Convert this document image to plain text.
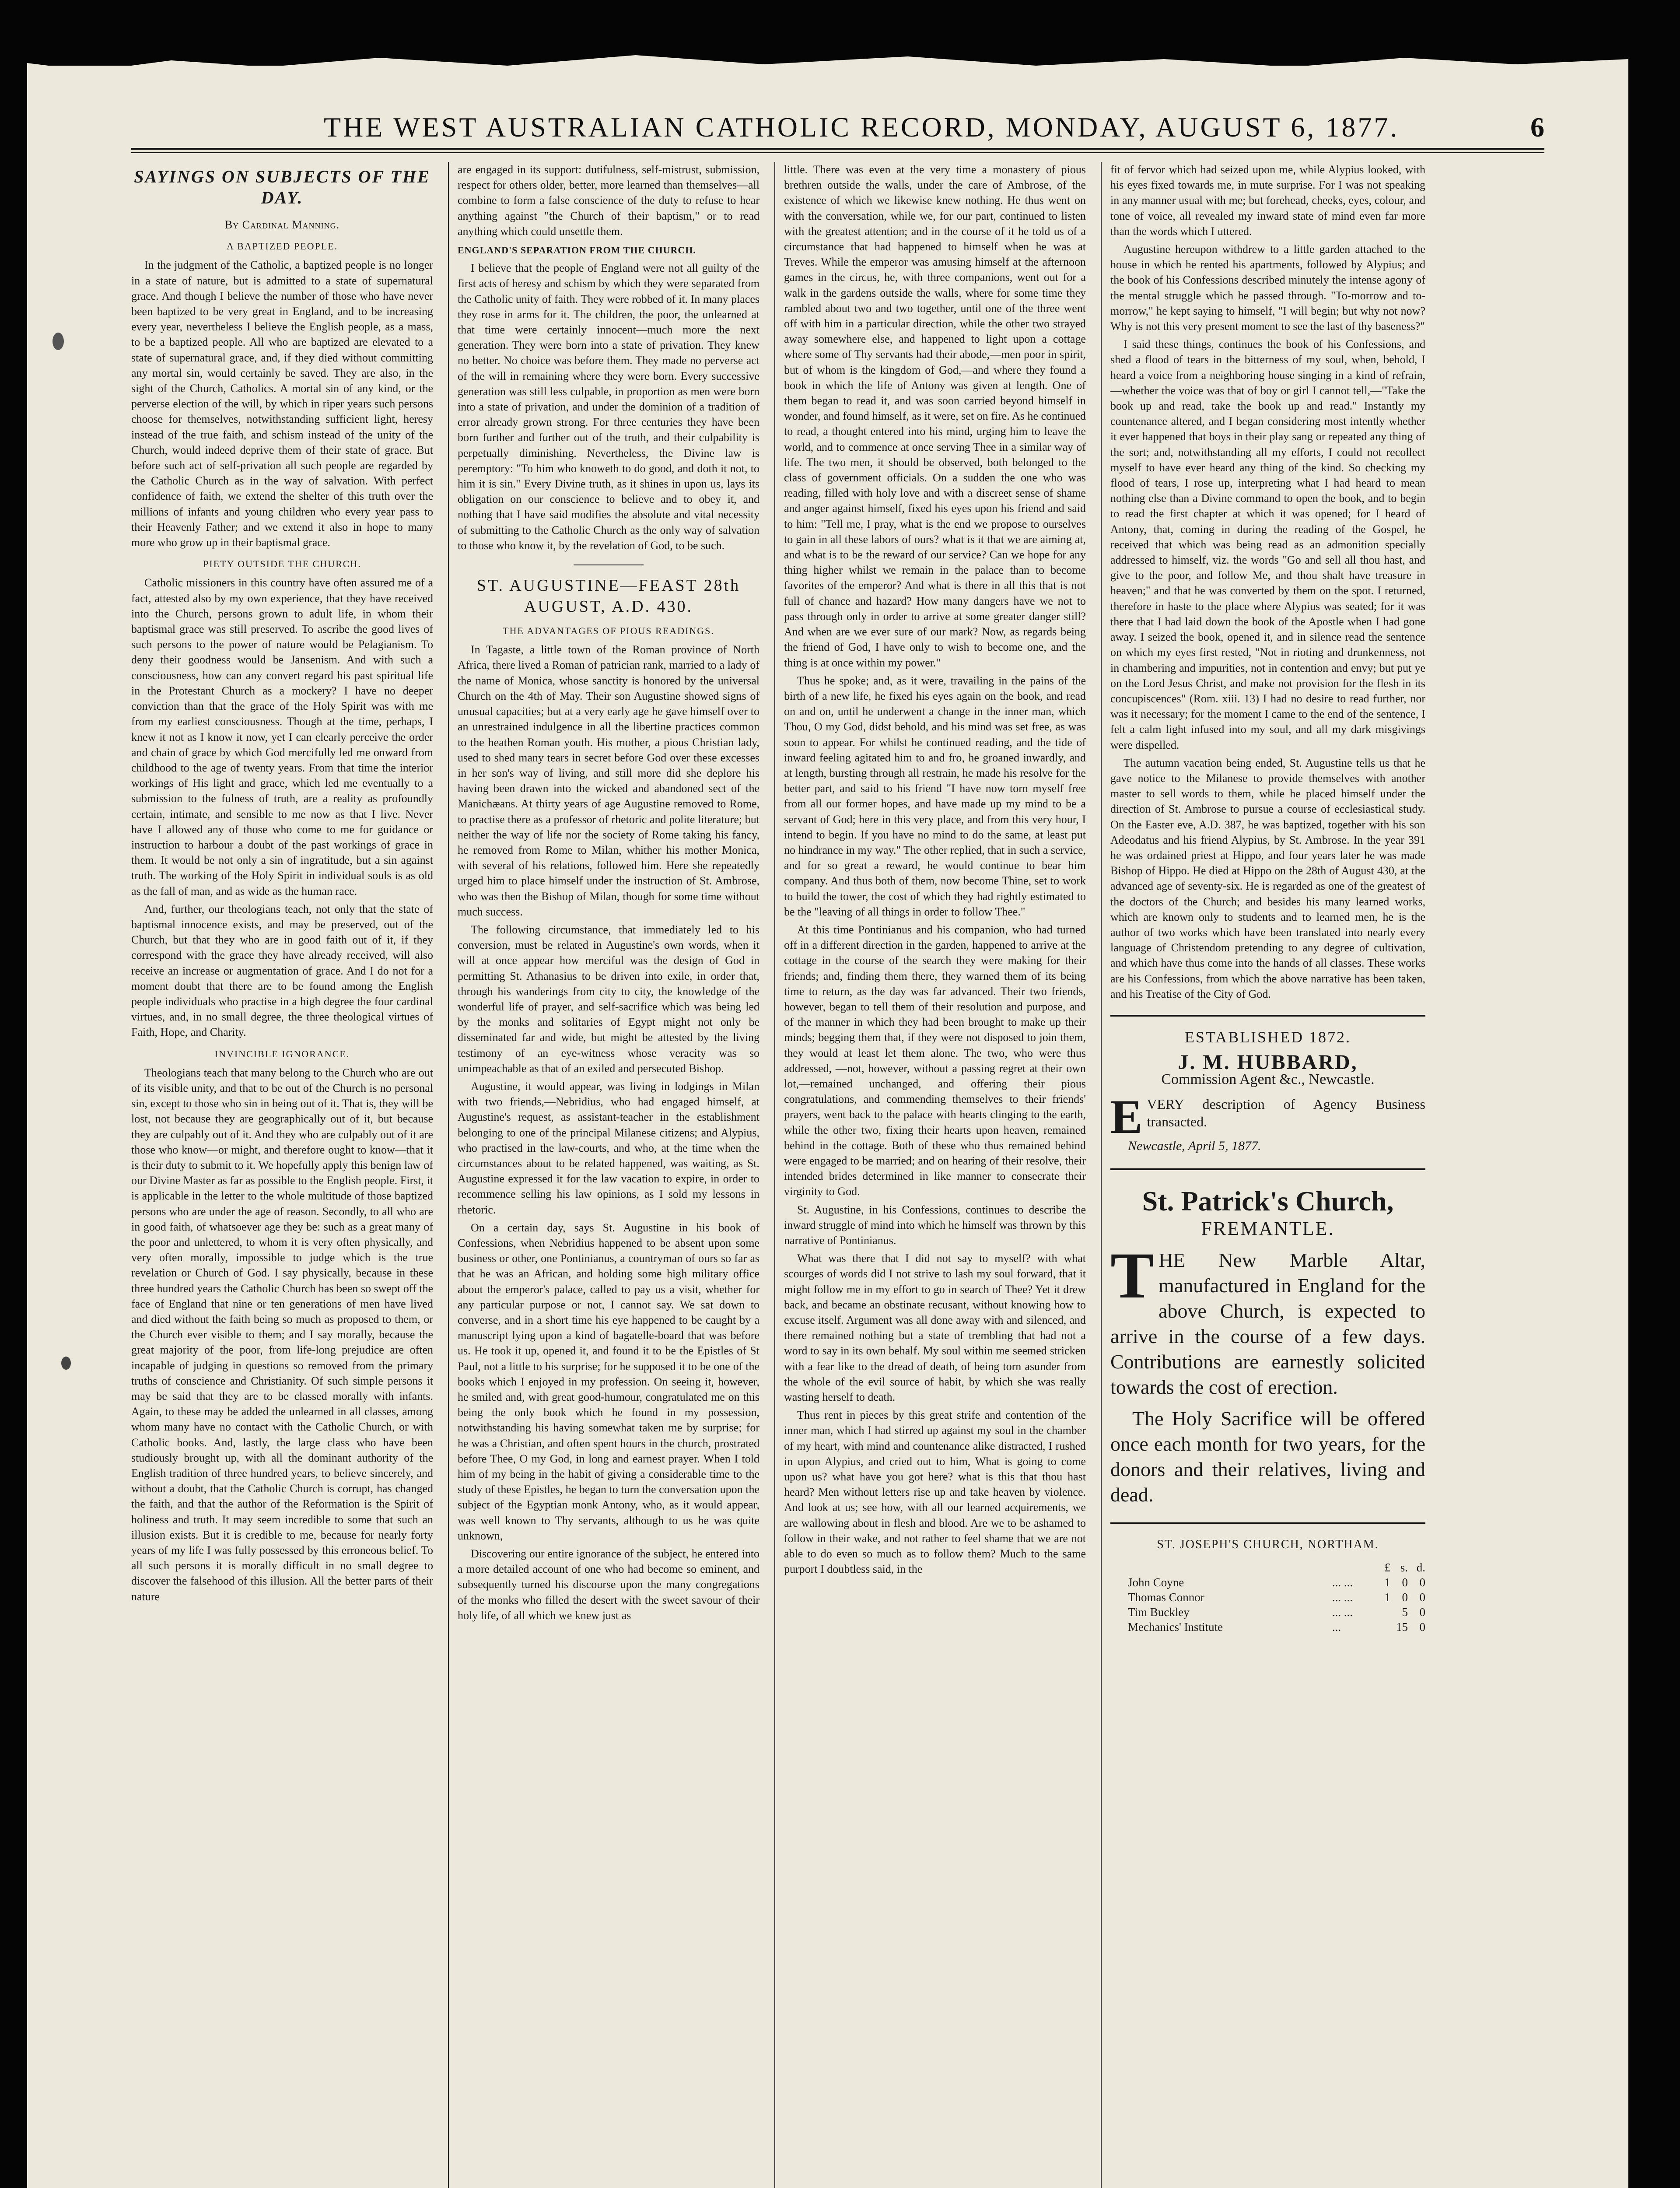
THE WEST AUSTRALIAN CATHOLIC RECORD, MONDAY, AUGUST 6, 1877.	6
SAYINGS ON SUBJECTS OF THE DAY.
By Cardinal Manning.
A BAPTIZED PEOPLE.

In the judgment of the Catholic, a baptized people is no longer in a state of nature, but is admitted to a state of supernatural grace. And though I believe the number of those who have never been baptized to be very great in England, and to be increasing every year, nevertheless I believe the English people, as a mass, to be a baptized people. All who are baptized are elevated to a state of supernatural grace, and, if they died without committing any mortal sin, would certainly be saved. They are also, in the sight of the Church, Catholics. A mortal sin of any kind, or the perverse election of the will, by which in riper years such persons choose for themselves, notwithstanding sufficient light, heresy instead of the true faith, and schism instead of the unity of the Church, would indeed deprive them of their state of grace. But before such act of self-privation all such people are regarded by the Catholic Church as in the way of salvation. With perfect confidence of faith, we extend the shelter of this truth over the millions of infants and young children who every year pass to their Heavenly Father; and we extend it also in hope to many more who grow up in their baptismal grace.

PIETY OUTSIDE THE CHURCH.

Catholic missioners in this country have often assured me of a fact, attested also by my own experience, that they have received into the Church, persons grown to adult life, in whom their baptismal grace was still preserved. To ascribe the good lives of such persons to the power of nature would be Pelagianism. To deny their goodness would be Jansenism. And with such a consciousness, how can any convert regard his past spiritual life in the Protestant Church as a mockery? I have no deeper conviction than that the grace of the Holy Spirit was with me from my earliest consciousness. Though at the time, perhaps, I knew it not as I know it now, yet I can clearly perceive the order and chain of grace by which God mercifully led me onward from childhood to the age of twenty years. From that time the interior workings of His light and grace, which led me eventually to a submission to the fulness of truth, are a reality as profoundly certain, intimate, and sensible to me now as that I live. Never have I allowed any of those who come to me for guidance or instruction to harbour a doubt of the past workings of grace in them. It would be not only a sin of ingratitude, but a sin against truth. The working of the Holy Spirit in individual souls is as old as the fall of man, and as wide as the human race.

And, further, our theologians teach, not only that the state of baptismal innocence exists, and may be preserved, out of the Church, but that they who are in good faith out of it, if they correspond with the grace they have already received, will also receive an increase or augmentation of grace. And I do not for a moment doubt that there are to be found among the English people individuals who practise in a high degree the four cardinal virtues, and, in no small degree, the three theological virtues of Faith, Hope, and Charity.

INVINCIBLE IGNORANCE.

Theologians teach that many belong to the Church who are out of its visible unity, and that to be out of the Church is no personal sin, except to those who sin in being out of it. That is, they will be lost, not because they are geographically out of it, but because they are culpably out of it. And they who are culpably out of it are those who know—or might, and therefore ought to know—that it is their duty to submit to it. We hopefully apply this benign law of our Divine Master as far as possible to the English people. First, it is applicable in the letter to the whole multitude of those baptized persons who are under the age of reason. Secondly, to all who are in good faith, of whatsoever age they be: such as a great many of the poor and unlettered, to whom it is very often physically, and very often morally, impossible to judge which is the true revelation or Church of God. I say physically, because in these three hundred years the Catholic Church has been so swept off the face of England that nine or ten generations of men have lived and died without the faith being so much as proposed to them, or the Church ever visible to them; and I say morally, because the great majority of the poor, from life-long prejudice are often incapable of judging in questions so removed from the primary truths of conscience and Christianity. Of such simple persons it may be said that they are to be classed morally with infants. Again, to these may be added the unlearned in all classes, among whom many have no contact with the Catholic Church, or with Catholic books. And, lastly, the large class who have been studiously brought up, with all the dominant authority of the English tradition of three hundred years, to believe sincerely, and without a doubt, that the Catholic Church is corrupt, has changed the faith, and that the author of the Reformation is the Spirit of holiness and truth. It may seem incredible to some that such an illusion exists. But it is credible to me, because for nearly forty years of my life I was fully possessed by this erroneous belief. To all such persons it is morally difficult in no small degree to discover the falsehood of this illusion. All the better parts of their nature

are engaged in its support: dutifulness, self-mistrust, submission, respect for others older, better, more learned than themselves—all combine to form a false conscience of the duty to refuse to hear anything against "the Church of their baptism," or to read anything which could unsettle them.

ENGLAND'S SEPARATION FROM THE CHURCH.

I believe that the people of England were not all guilty of the first acts of heresy and schism by which they were separated from the Catholic unity of faith. They were robbed of it. In many places they rose in arms for it. The children, the poor, the unlearned at that time were certainly innocent—much more the next generation. They were born into a state of privation. They knew no better. No choice was before them. They made no perverse act of the will in remaining where they were born. Every successive generation was still less culpable, in proportion as men were born into a state of privation, and under the dominion of a tradition of error already grown strong. For three centuries they have been born further and further out of the truth, and their culpability is perpetually diminishing. Nevertheless, the Divine law is peremptory: "To him who knoweth to do good, and doth it not, to him it is sin." Every Divine truth, as it shines in upon us, lays its obligation on our conscience to believe and to obey it, and nothing that I have said modifies the absolute and vital necessity of submitting to the Catholic Church as the only way of salvation to those who know it, by the revelation of God, to be such.

ST. AUGUSTINE—FEAST 28th AUGUST, A.D. 430.
THE ADVANTAGES OF PIOUS READINGS.

In Tagaste, a little town of the Roman province of North Africa, there lived a Roman of patrician rank, married to a lady of the name of Monica, whose sanctity is honored by the universal Church on the 4th of May. Their son Augustine showed signs of unusual capacities; but at a very early age he gave himself over to an unrestrained indulgence in all the libertine practices common to the heathen Roman youth. His mother, a pious Christian lady, used to shed many tears in secret before God over these excesses in her son's way of living, and still more did she deplore his having been drawn into the wicked and abandoned sect of the Manichæans. At thirty years of age Augustine removed to Rome, to practise there as a professor of rhetoric and polite literature; but neither the way of life nor the society of Rome taking his fancy, he removed from Rome to Milan, whither his mother Monica, with several of his relations, followed him. Here she repeatedly urged him to place himself under the instruction of St. Ambrose, who was then the Bishop of Milan, though for some time without much success.

The following circumstance, that immediately led to his conversion, must be related in Augustine's own words, when it will at once appear how merciful was the design of God in permitting St. Athanasius to be driven into exile, in order that, through his wanderings from city to city, the knowledge of the wonderful life of prayer, and self-sacrifice which was being led by the monks and solitaries of Egypt might not only be disseminated far and wide, but might be attested by the living testimony of an eye-witness whose veracity was so unimpeachable as that of an exiled and persecuted Bishop.

Augustine, it would appear, was living in lodgings in Milan with two friends,—Nebridius, who had engaged himself, at Augustine's request, as assistant-teacher in the establishment belonging to one of the principal Milanese citizens; and Alypius, who practised in the law-courts, and who, at the time when the circumstances about to be related happened, was waiting, as St. Augustine expressed it for the law vacation to expire, in order to recommence selling his law opinions, as I sold my lessons in rhetoric.

On a certain day, says St. Augustine in his book of Confessions, when Nebridius happened to be absent upon some business or other, one Pontinianus, a countryman of ours so far as that he was an African, and holding some high military office about the emperor's palace, called to pay us a visit, whether for any particular purpose or not, I cannot say. We sat down to converse, and in a short time his eye happened to be caught by a manuscript lying upon a kind of bagatelle-board that was before us. He took it up, opened it, and found it to be the Epistles of St Paul, not a little to his surprise; for he supposed it to be one of the books which I enjoyed in my profession. On seeing it, however, he smiled and, with great good-humour, congratulated me on this being the only book which he found in my possession, notwithstanding his having somewhat taken me by surprise; for he was a Christian, and often spent hours in the church, prostrated before Thee, O my God, in long and earnest prayer. When I told him of my being in the habit of giving a considerable time to the study of these Epistles, he began to turn the conversation upon the subject of the Egyptian monk Antony, who, as it would appear, was well known to Thy servants, although to us he was quite unknown,

Discovering our entire ignorance of the subject, he entered into a more detailed account of one who had become so eminent, and subsequently turned his discourse upon the many congregations of the monks who filled the desert with the sweet savour of their holy life, of all which we knew just as

little. There was even at the very time a monastery of pious brethren outside the walls, under the care of Ambrose, of the existence of which we likewise knew nothing. He thus went on with the conversation, while we, for our part, continued to listen with the greatest attention; and in the course of it he told us of a circumstance that had happened to himself when he was at Treves. While the emperor was amusing himself at the afternoon games in the circus, he, with three companions, went out for a walk in the gardens outside the walls, where for some time they rambled about two and two together, until one of the three went off with him in a particular direction, while the other two strayed away somewhere else, and happened to light upon a cottage where some of Thy servants had their abode,—men poor in spirit, but of whom is the kingdom of God,—and where they found a book in which the life of Antony was given at length. One of them began to read it, and was soon carried beyond himself in wonder, and found himself, as it were, set on fire. As he continued to read, a thought entered into his mind, urging him to leave the world, and to commence at once serving Thee in a similar way of life. The two men, it should be observed, both belonged to the class of government officials. On a sudden the one who was reading, filled with holy love and with a discreet sense of shame and anger against himself, fixed his eyes upon his friend and said to him: "Tell me, I pray, what is the end we propose to ourselves to gain in all these labors of ours? what is it that we are aiming at, and what is to be the reward of our service? Can we hope for any thing higher whilst we remain in the palace than to become favorites of the emperor? And what is there in all this that is not full of chance and hazard? How many dangers have we not to pass through only in order to arrive at some greater danger still? And when are we ever sure of our mark? Now, as regards being the friend of God, I have only to wish to become one, and the thing is at once within my power."

Thus he spoke; and, as it were, travailing in the pains of the birth of a new life, he fixed his eyes again on the book, and read on and on, until he underwent a change in the inner man, which Thou, O my God, didst behold, and his mind was set free, as was soon to appear. For whilst he continued reading, and the tide of inward feeling agitated him to and fro, he groaned inwardly, and at length, bursting through all restrain, he made his resolve for the better part, and said to his friend "I have now torn myself free from all our former hopes, and have made up my mind to be a servant of God; here in this very place, and from this very hour, I intend to begin. If you have no mind to do the same, at least put no hindrance in my way." The other replied, that in such a service, and for so great a reward, he would continue to bear him company. And thus both of them, now become Thine, set to work to build the tower, the cost of which they had rightly estimated to be the "leaving of all things in order to follow Thee."

At this time Pontinianus and his companion, who had turned off in a different direction in the garden, happened to arrive at the cottage in the course of the search they were making for their friends; and, finding them there, they warned them of its being time to return, as the day was far advanced. Their two friends, however, began to tell them of their resolution and purpose, and of the manner in which they had been brought to make up their minds; begging them that, if they were not disposed to join them, they would at least let them alone. The two, who were thus addressed, —not, however, without a passing regret at their own lot,—remained unchanged, and offering their pious congratulations, and commending themselves to their friends' prayers, went back to the palace with hearts clinging to the earth, while the other two, fixing their hearts upon heaven, remained behind in the cottage. Both of these who thus remained behind were engaged to be married; and on hearing of their resolve, their intended brides determined in like manner to consecrate their virginity to God.

St. Augustine, in his Confessions, continues to describe the inward struggle of mind into which he himself was thrown by this narrative of Pontinianus.

What was there that I did not say to myself? with what scourges of words did I not strive to lash my soul forward, that it might follow me in my effort to go in search of Thee? Yet it drew back, and became an obstinate recusant, without knowing how to excuse itself. Argument was all done away with and silenced, and there remained nothing but a state of trembling that had not a word to say in its own behalf. My soul within me seemed stricken with a fear like to the dread of death, of being torn asunder from the whole of the evil source of habit, by which she was really wasting herself to death.

Thus rent in pieces by this great strife and contention of the inner man, which I had stirred up against my soul in the chamber of my heart, with mind and countenance alike distracted, I rushed in upon Alypius, and cried out to him, What is going to come upon us? what have you got here? what is this that thou hast heard? Men without letters rise up and take heaven by violence. And look at us; see how, with all our learned acquirements, we are wallowing about in flesh and blood. Are we to be ashamed to follow in their wake, and not rather to feel shame that we are not able to do even so much as to follow them? Much to the same purport I doubtless said, in the

fit of fervor which had seized upon me, while Alypius looked, with his eyes fixed towards me, in mute surprise. For I was not speaking in any manner usual with me; but forehead, cheeks, eyes, colour, and tone of voice, all revealed my inward state of mind even far more than the words which I uttered.

Augustine hereupon withdrew to a little garden attached to the house in which he rented his apartments, followed by Alypius; and the book of his Confessions described minutely the intense agony of the mental struggle which he passed through. "To-morrow and to-morrow," he kept saying to himself, "I will begin; but why not now? Why is not this very present moment to see the last of thy baseness?"

I said these things, continues the book of his Confessions, and shed a flood of tears in the bitterness of my soul, when, behold, I heard a voice from a neighboring house singing in a kind of refrain,—whether the voice was that of boy or girl I cannot tell,—"Take the book up and read, take the book up and read." Instantly my countenance altered, and I began considering most intently whether it ever happened that boys in their play sang or repeated any thing of the sort; and, notwithstanding all my efforts, I could not recollect myself to have ever heard any thing of the kind. So checking my flood of tears, I rose up, interpreting what I had heard to mean nothing else than a Divine command to open the book, and to begin to read the first chapter at which it was opened; for I heard of Antony, that, coming in during the reading of the Gospel, he received that which was being read as an admonition specially addressed to himself, viz. the words "Go and sell all thou hast, and give to the poor, and follow Me, and thou shalt have treasure in heaven;" and that he was converted by them on the spot. I returned, therefore in haste to the place where Alypius was seated; for it was there that I had laid down the book of the Apostle when I had gone away. I seized the book, opened it, and in silence read the sentence on which my eyes first rested, "Not in rioting and drunkenness, not in chambering and impurities, not in contention and envy; but put ye on the Lord Jesus Christ, and make not provision for the flesh in its concupiscences" (Rom. xiii. 13) I had no desire to read further, nor was it necessary; for the moment I came to the end of the sentence, I felt a calm light infused into my soul, and all my dark misgivings were dispelled.

The autumn vacation being ended, St. Augustine tells us that he gave notice to the Milanese to provide themselves with another master to sell words to them, while he placed himself under the direction of St. Ambrose to pursue a course of ecclesiastical study. On the Easter eve, A.D. 387, he was baptized, together with his son Adeodatus and his friend Alypius, by St. Ambrose. In the year 391 he was ordained priest at Hippo, and four years later he was made Bishop of Hippo. He died at Hippo on the 28th of August 430, at the advanced age of seventy-six. He is regarded as one of the greatest of the doctors of the Church; and besides his many learned works, which are known only to students and to learned men, he is the author of two works which have been translated into nearly every language of Christendom pretending to any degree of cultivation, and which have thus come into the hands of all classes. These works are his Confessions, from which the above narrative has been taken, and his Treatise of the City of God.

ESTABLISHED 1872.
J. M. HUBBARD,
Commission Agent &c., Newcastle.
EVERY description of Agency Business transacted.
Newcastle, April 5, 1877.
St. Patrick's Church,
FREMANTLE.
THE New Marble Altar, manufactured in England for the above Church, is expected to arrive in the course of a few days. Contributions are earnestly solicited towards the cost of erection.
The Holy Sacrifice will be offered once each month for two years, for the donors and their relatives, living and dead.
ST. JOSEPH'S CHURCH, NORTHAM.
		£	s.	d.
John Coyne	... ...	1	0	0
Thomas Connor	... ...	1	0	0
Tim Buckley	... ...		5	0
Mechanics' Institute	...		15	0
